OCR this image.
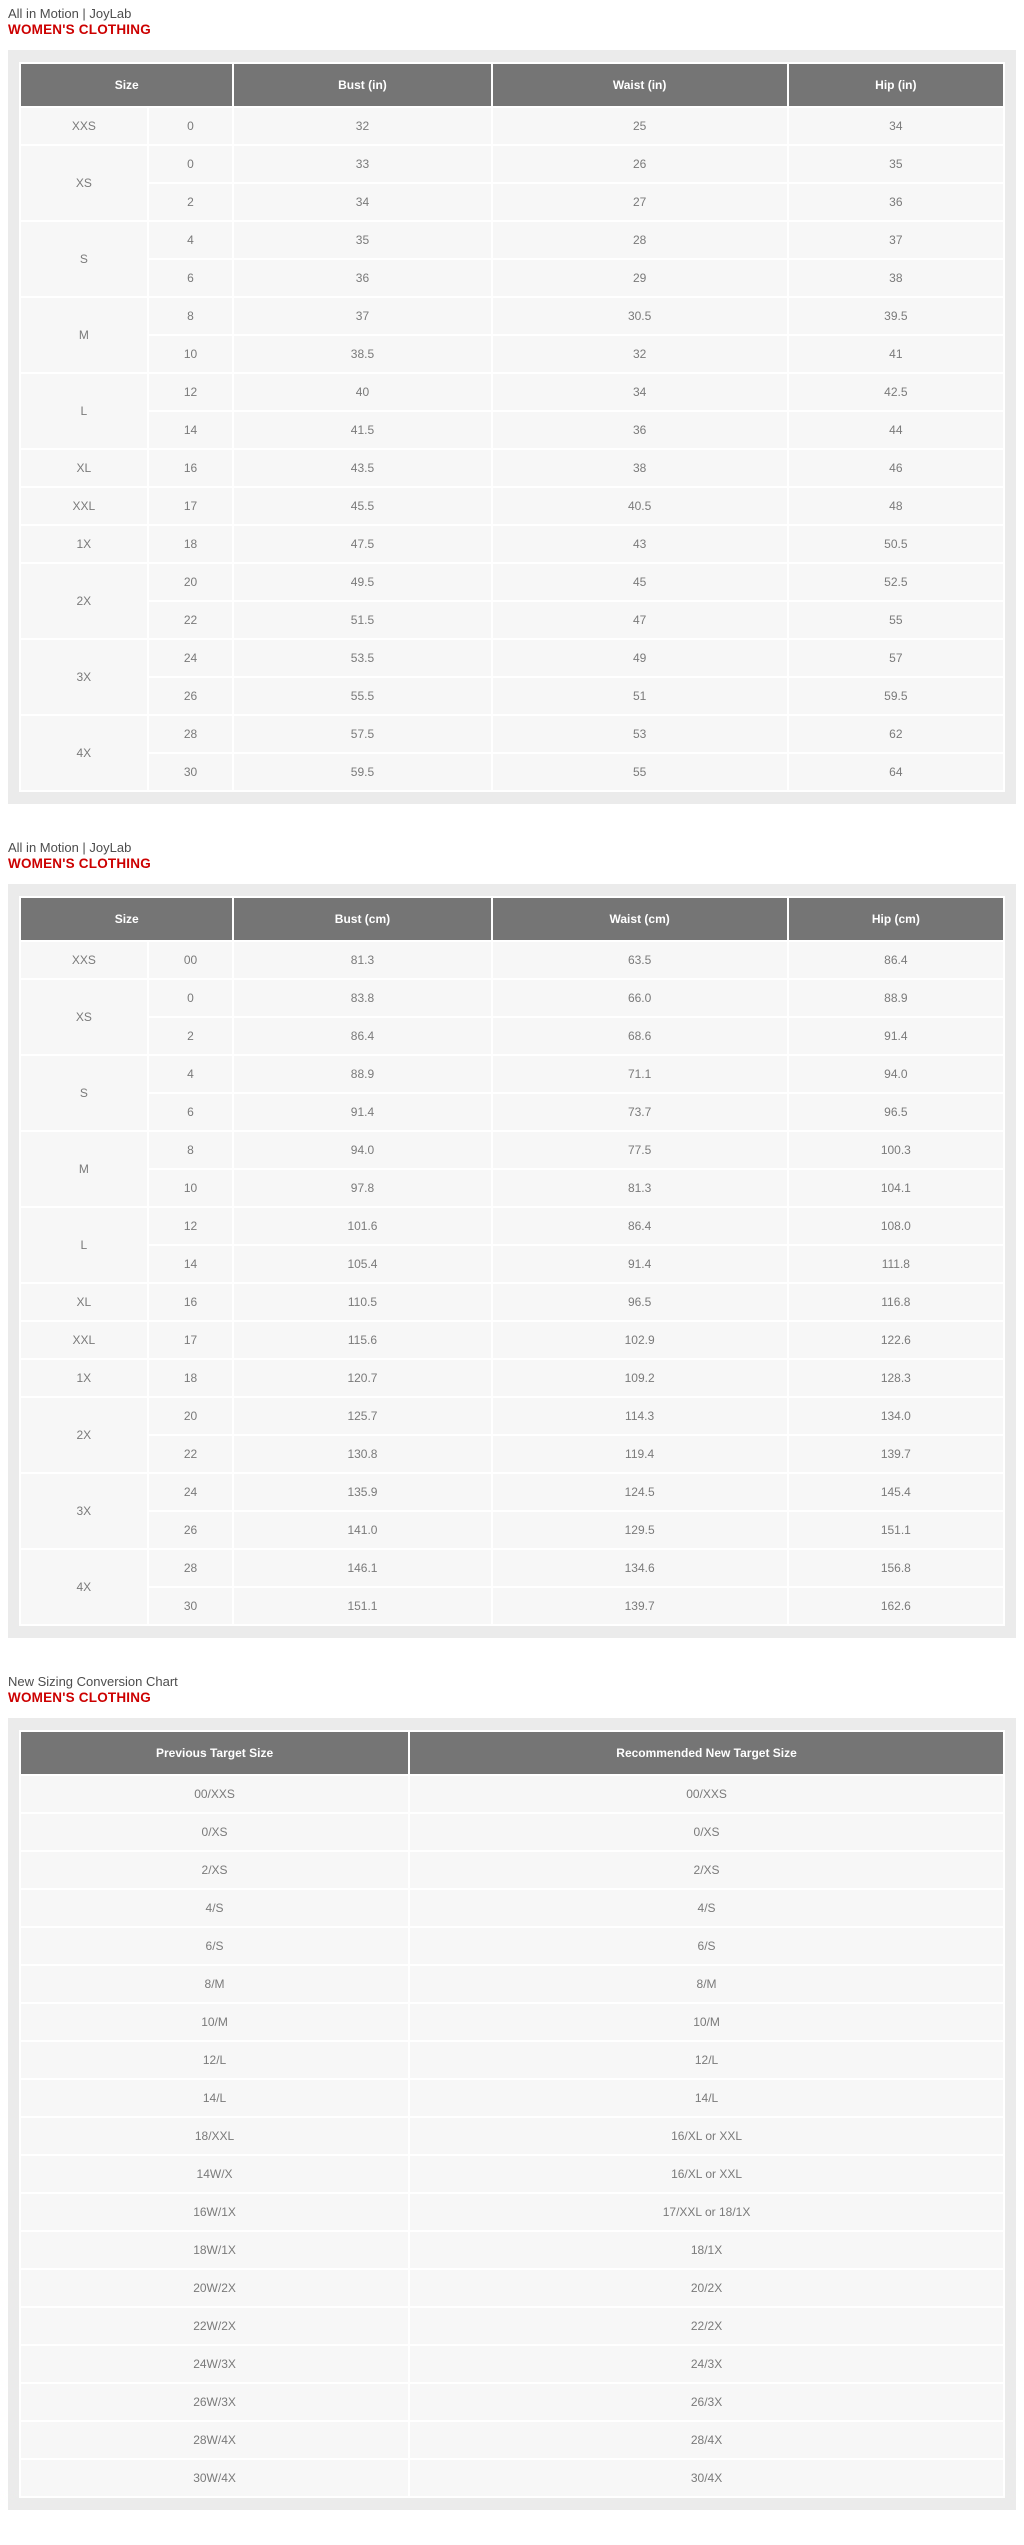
All in Motion | JoyLab
WOMEN'S CLOTHING
Size		Bust (in)	Waist (in)	Hip (in)
XXS	0	32	25	34
XS	0	33	26	35
	2	34	27	36
S	4	35	28	37
	6	36	29	38
M	8	37	30.5	39.5
	10	38.5	32	41
L	12	40	34	42.5
	14	41.5	36	44
XL	16	43.5	38	46
XXL	17	45.5	40.5	48
1X	18	47.5	43	50.5
2X	20	49.5	45	52.5
	22	51.5	47	55
3X	24	53.5	49	57
	26	55.5	51	59.5
4X	28	57.5	53	62
	30	59.5	55	64
All in Motion | JoyLab
WOMEN'S CLOTHING
Size		Bust (cm)	Waist (cm)	Hip (cm)
XXS	00	81.3	63.5	86.4
XS	0	83.8	66.0	88.9
	2	86.4	68.6	91.4
S	4	88.9	71.1	94.0
	6	91.4	73.7	96.5
M	8	94.0	77.5	100.3
	10	97.8	81.3	104.1
L	12	101.6	86.4	108.0
	14	105.4	91.4	111.8
XL	16	110.5	96.5	116.8
XXL	17	115.6	102.9	122.6
1X	18	120.7	109.2	128.3
2X	20	125.7	114.3	134.0
	22	130.8	119.4	139.7
3X	24	135.9	124.5	145.4
	26	141.0	129.5	151.1
4X	28	146.1	134.6	156.8
	30	151.1	139.7	162.6
New Sizing Conversion Chart
WOMEN'S CLOTHING
Previous Target Size	Recommended New Target Size
00/XXS	00/XXS
0/XS	0/XS
2/XS	2/XS
4/S	4/S
6/S	6/S
8/M	8/M
10/M	10/M
12/L	12/L
14/L	14/L
18/XXL	16/XL or XXL
14W/X	16/XL or XXL
16W/1X	17/XXL or 18/1X
18W/1X	18/1X
20W/2X	20/2X
22W/2X	22/2X
24W/3X	24/3X
26W/3X	26/3X
28W/4X	28/4X
30W/4X	30/4X
